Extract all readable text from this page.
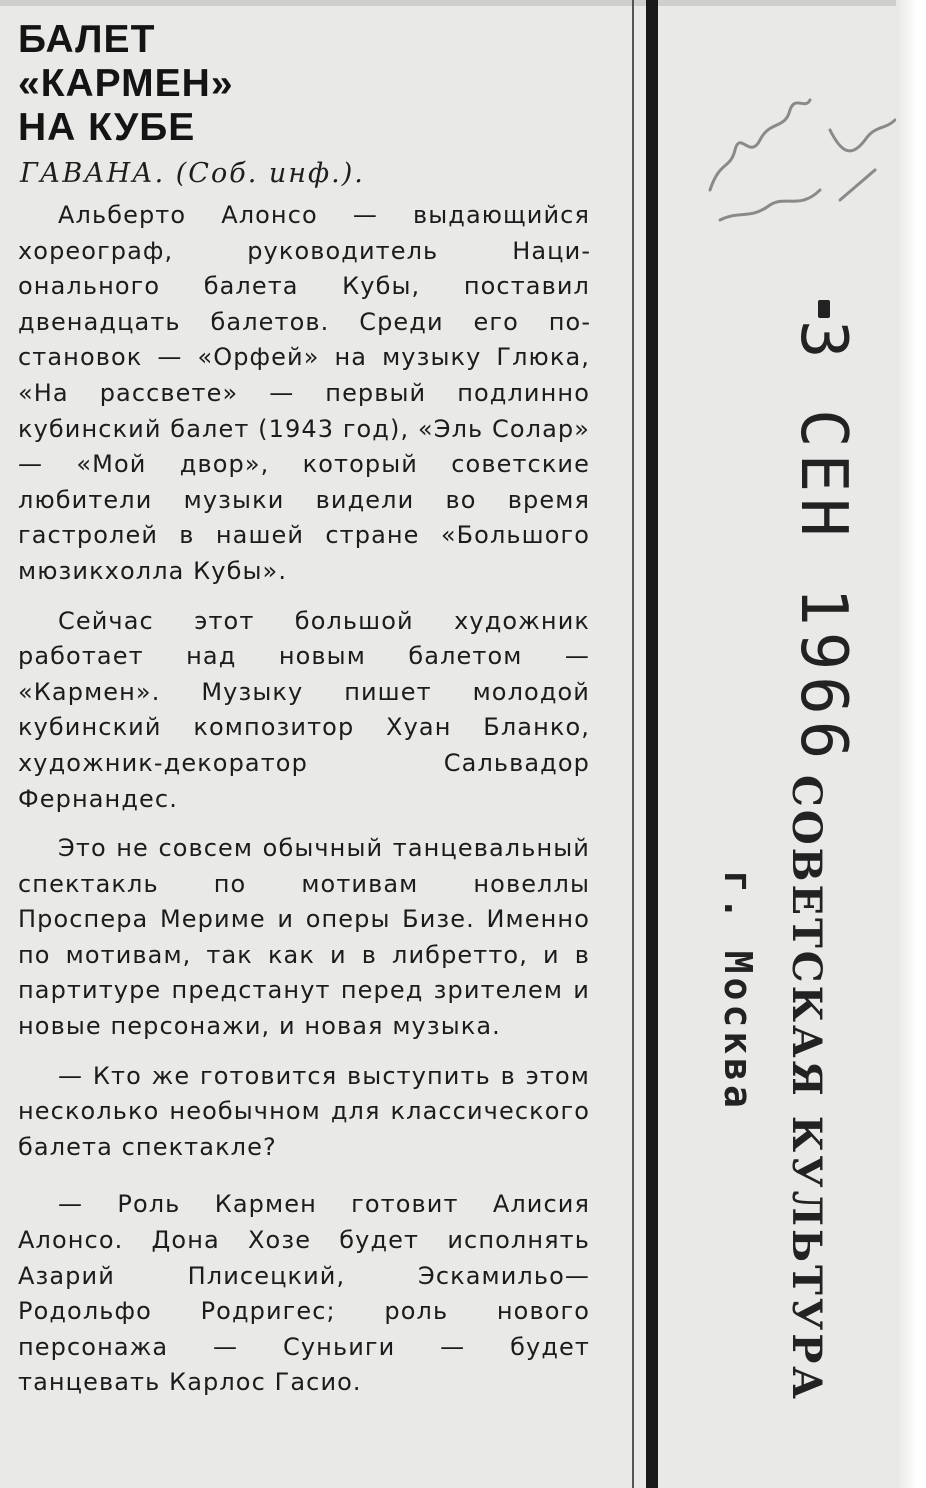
БАЛЕТ
«КАРМЕН»
НА КУБЕ
ГАВАНА. (Соб. инф.).

Альберто Алонсо — выдающийся хореограф, руководитель Национального балета Кубы, поставил двенадцать балетов. Среди его постановок — «Орфей» на музыку Глюка, «На рассвете» — первый подлинно кубинский балет (1943 год), «Эль Солар» — «Мой двор», который советские любители музыки видели во время гастролей в нашей стране «Большого мюзикхолла Кубы».

Сейчас этот большой художник работает над новым балетом — «Кармен». Музыку пишет молодой кубинский композитор Хуан Бланко, художник-декоратор Сальвадор Фернандес.

Это не совсем обычный танцевальный спектакль по мотивам новеллы Проспера Мериме и оперы Бизе. Именно по мотивам, так как и в либретто, и в партитуре предстанут перед зрителем и новые персонажи, и новая музыка.

— Кто же готовится выступить в этом несколько необычном для классического балета спектакле?

— Роль Кармен готовит Алисия Алонсо. Дона Хозе будет исполнять Азарий Плисецкий, Эскамильо—Родольфо Родригес; роль нового персонажа — Суньиги — будет танцевать Карлос Гасио.

3 СЕН 1966
СОВЕТСКАЯ КУЛЬТУРА
г. Москва
